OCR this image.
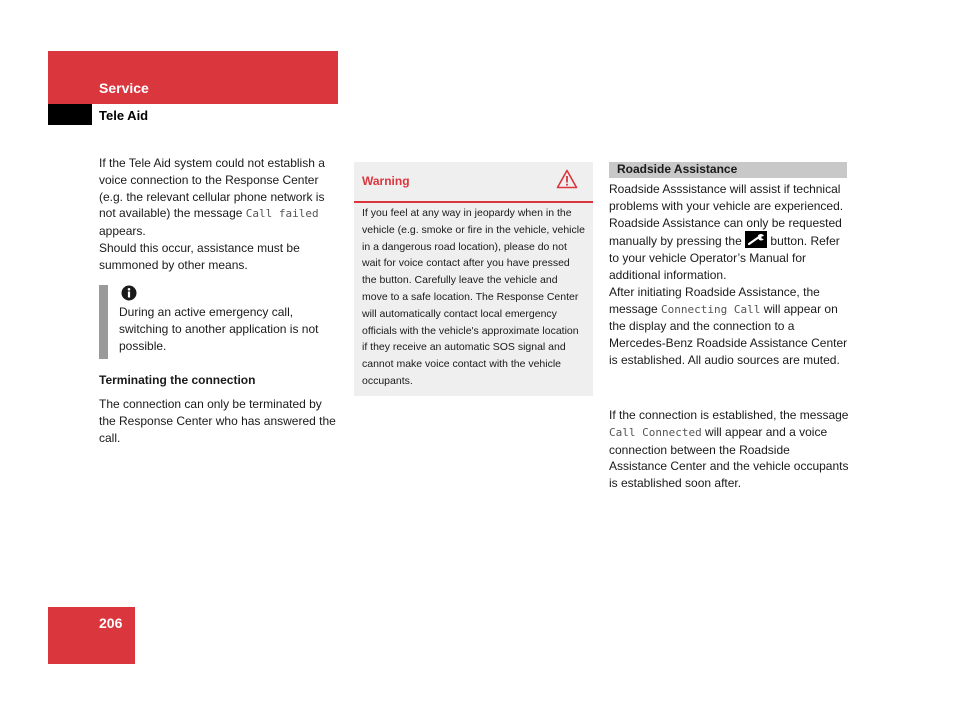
Service
Tele Aid

If the Tele Aid system could not establish a voice connection to the Response Center (e.g. the relevant cellular phone network is not available) the message Call failed appears.

Should this occur, assistance must be summoned by other means.

During an active emergency call, switching to another application is not possible.
Terminating the connection
The connection can only be terminated by the Response Center who has answered the call.
Warning
If you feel at any way in jeopardy when in the vehicle (e.g. smoke or fire in the vehicle, vehicle in a dangerous road location), please do not wait for voice contact after you have pressed the button. Carefully leave the vehicle and move to a safe location. The Response Center will automatically contact local emergency officials with the vehicle's approximate location if they receive an automatic SOS signal and cannot make voice contact with the vehicle occupants.
Roadside Assistance

Roadside Asssistance will assist if technical problems with your vehicle are experienced.

Roadside Assistance can only be requested manually by pressing the  button. Refer to your vehicle Operator’s Manual for additional information.

After initiating Roadside Assistance, the message Connecting Call will appear on the display and the connection to a Mercedes-Benz Roadside Assistance Center is established. All audio sources are muted.

If the connection is established, the message Call Connected will appear and a voice connection between the Roadside Assistance Center and the vehicle occupants is established soon after.

206
